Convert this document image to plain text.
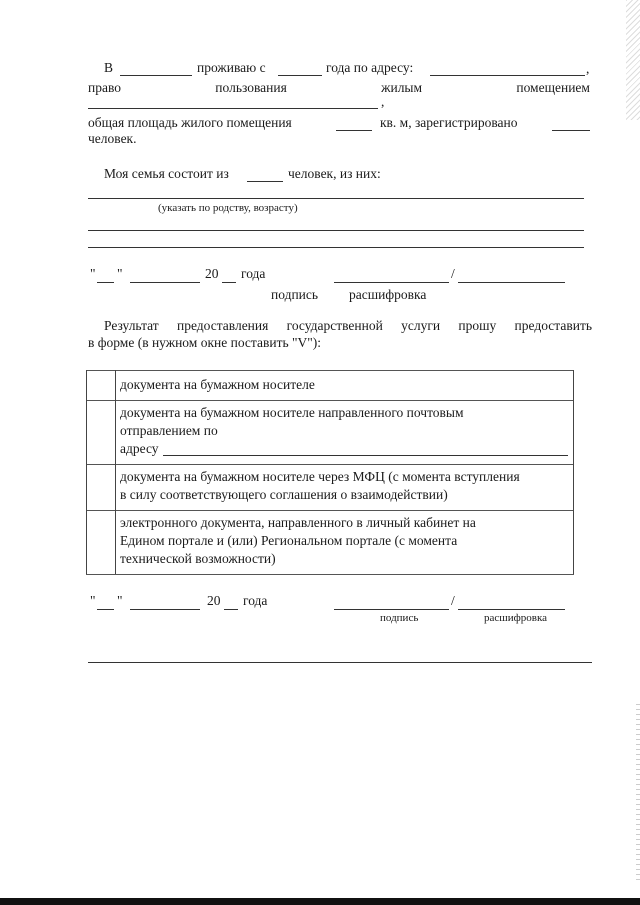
В	проживаю с	года по адресу:	,
право	пользования	жилым	помещением
,
общая площадь жилого помещения	кв. м, зарегистрировано
человек.
Моя семья состоит из	человек, из них:
(указать по родству, возрасту)
" "	20 года	/
подпись расшифровка
Результат предоставления государственной услуги прошу предоставить
в форме (в нужном окне поставить "V"):
документа на бумажном носителе
документа на бумажном носителе направленного почтовым
отправлением по
адресу
документа на бумажном носителе через МФЦ (с момента вступления
в силу соответствующего соглашения о взаимодействии)
электронного документа, направленного в личный кабинет на
Едином портале и (или) Региональном портале (с момента
технической возможности)
" "	20 года	/
подпись	расшифровка
